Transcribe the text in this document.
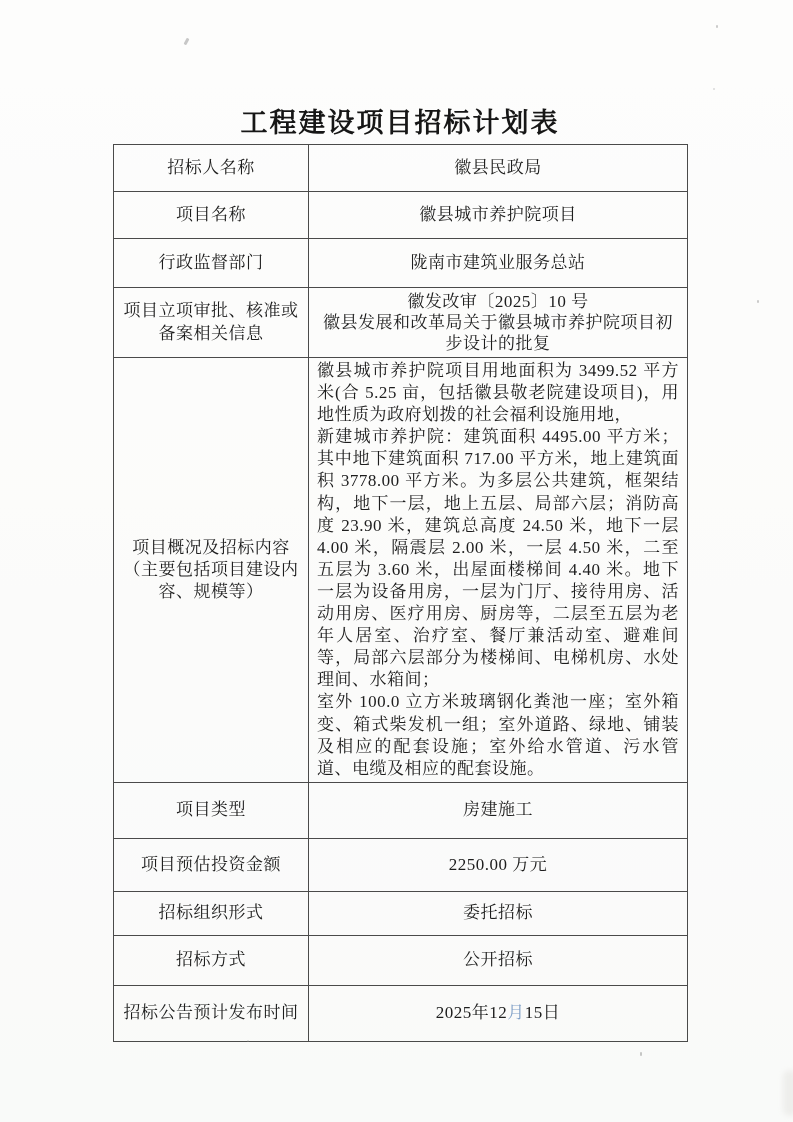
工程建设项目招标计划表
招标人名称	徽县民政局
项目名称	徽县城市养护院项目
行政监督部门	陇南市建筑业服务总站
项目立项审批、核准或备案相关信息	徽发改审〔2025〕10 号
徽县发展和改革局关于徽县城市养护院项目初步设计的批复

项目概况及招标内容（主要包括项目建设内容、规模等）	徽县城市养护院项目用地面积为 3499.52 平方米(合 5.25 亩，包括徽县敬老院建设项目)，用地性质为政府划拨的社会福利设施用地，

新建城市养护院：建筑面积 4495.00 平方米；其中地下建筑面积 717.00 平方米，地上建筑面积 3778.00 平方米。为多层公共建筑，框架结构，地下一层，地上五层、局部六层；消防高度 23.90 米，建筑总高度 24.50 米，地下一层 4.00 米，隔震层 2.00 米，一层 4.50 米，二至五层为 3.60 米，出屋面楼梯间 4.40 米。地下一层为设备用房，一层为门厅、接待用房、活动用房、医疗用房、厨房等，二层至五层为老年人居室、治疗室、餐厅兼活动室、避难间等，局部六层部分为楼梯间、电梯机房、水处理间、水箱间；

室外 100.0 立方米玻璃钢化粪池一座；室外箱变、箱式柴发机一组；室外道路、绿地、铺装及相应的配套设施；室外给水管道、污水管道、电缆及相应的配套设施。

项目类型	房建施工
项目预估投资金额	2250.00 万元
招标组织形式	委托招标
招标方式	公开招标
招标公告预计发布时间	2025年12月15日
